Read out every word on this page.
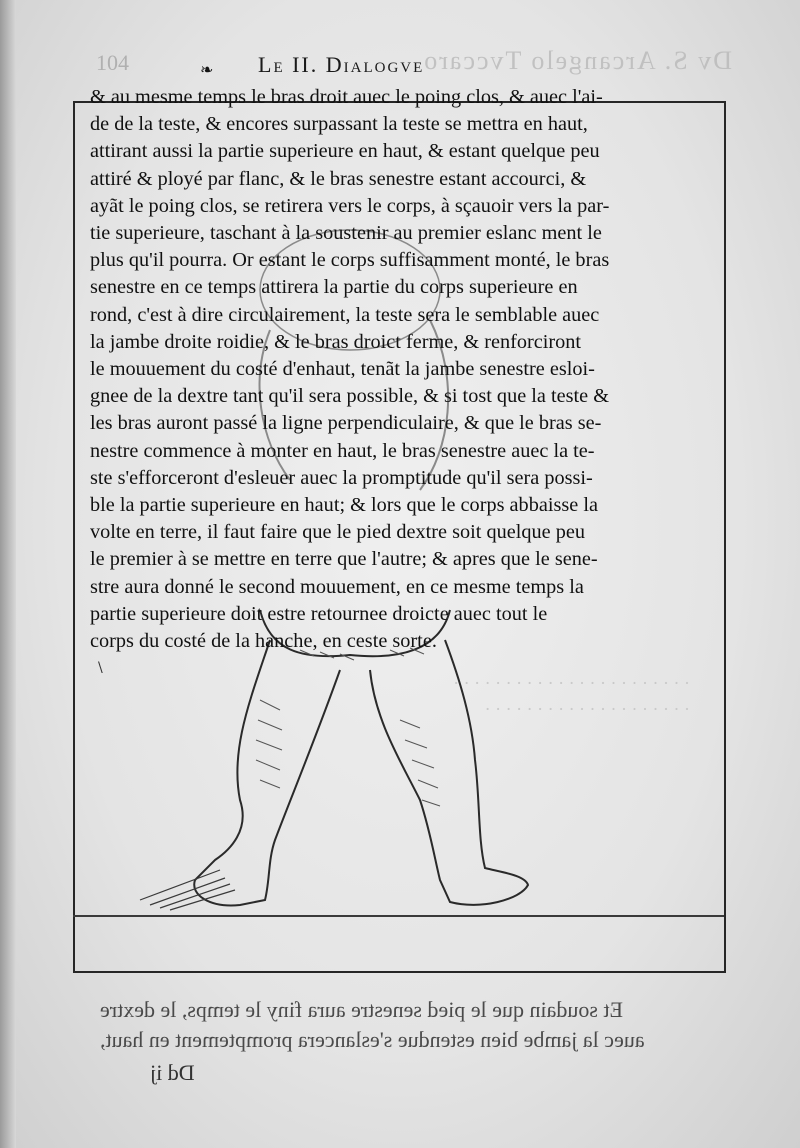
Dv S. Arcangelo Tvccaro
104	❧ Le II. Dialogve
· · · · · · · · · · · · · · · · · · · · · · ·
· · · · · · · · · · · · · · · · · · · ·
& au mesme temps le bras droit auec le poing clos, & auec l'ai-
de de la teste, & encores surpassant la teste se mettra en haut,
attirant aussi la partie superieure en haut, & estant quelque peu
attiré & ployé par flanc, & le bras senestre estant accourci, &
ayãt le poing clos, se retirera vers le corps, à sçauoir vers la par-
tie superieure, taschant à la soustenir au premier eslanc ment le
plus qu'il pourra. Or estant le corps suffisamment monté, le bras
senestre en ce temps attirera la partie du corps superieure en
rond, c'est à dire circulairement, la teste sera le semblable auec
la jambe droite roidie, & le bras droict ferme, & renforciront
le mouuement du costé d'enhaut, tenãt la jambe senestre esloi-
gnee de la dextre tant qu'il sera possible, & si tost que la teste &
les bras auront passé la ligne perpendiculaire, & que le bras se-
nestre commence à monter en haut, le bras senestre auec la te-
ste s'efforceront d'esleuer auec la promptitude qu'il sera possi-
ble la partie superieure en haut; & lors que le corps abbaisse la
volte en terre, il faut faire que le pied dextre soit quelque peu
le premier à se mettre en terre que l'autre; & apres que le sene-
stre aura donné le second mouuement, en ce mesme temps la
partie superieure doit estre retournee droicte auec tout le
corps du costé de la hanche, en ceste sorte.
\
Et soudain que le pied senestre aura finy le temps, le dextre
auec la jambe bien estendue s'eslancera promptement en haut,
Dd ij
